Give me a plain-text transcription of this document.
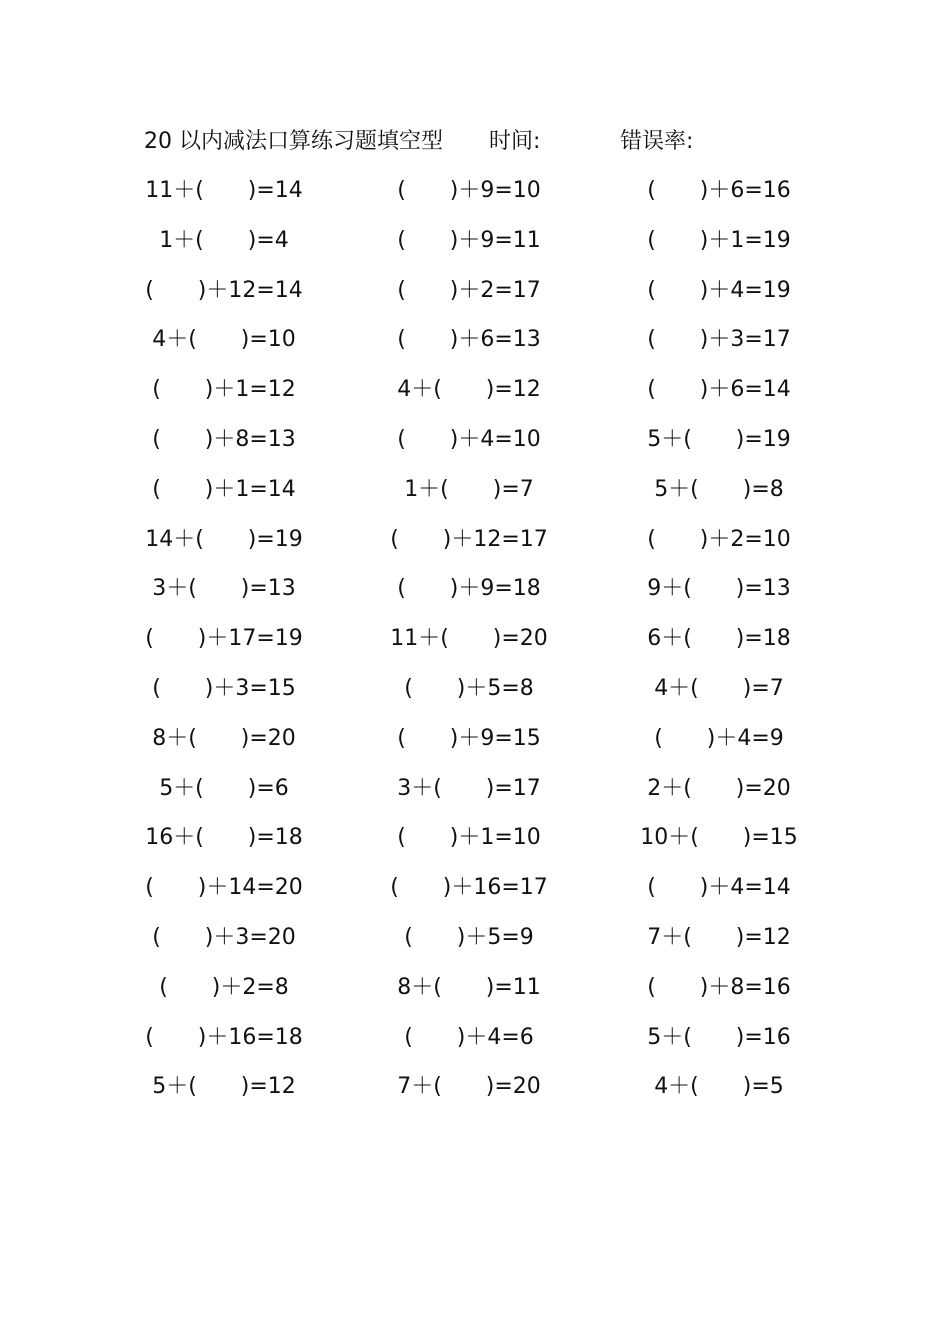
20 以内减法口算练习题填空型 时间:	错误率:
11＋(　　)=14	(　　)＋9=10	(　　)＋6=16
1＋(　　)=4	(　　)＋9=11	(　　)＋1=19
(　　)＋12=14	(　　)＋2=17	(　　)＋4=19
4＋(　　)=10	(　　)＋6=13	(　　)＋3=17
(　　)＋1=12	4＋(　　)=12	(　　)＋6=14
(　　)＋8=13	(　　)＋4=10	5＋(　　)=19
(　　)＋1=14	1＋(　　)=7	5＋(　　)=8
14＋(　　)=19	(　　)＋12=17	(　　)＋2=10
3＋(　　)=13	(　　)＋9=18	9＋(　　)=13
(　　)＋17=19	11＋(　　)=20	6＋(　　)=18
(　　)＋3=15	(　　)＋5=8	4＋(　　)=7
8＋(　　)=20	(　　)＋9=15	(　　)＋4=9
5＋(　　)=6	3＋(　　)=17	2＋(　　)=20
16＋(　　)=18	(　　)＋1=10	10＋(　　)=15
(　　)＋14=20	(　　)＋16=17	(　　)＋4=14
(　　)＋3=20	(　　)＋5=9	7＋(　　)=12
(　　)＋2=8	8＋(　　)=11	(　　)＋8=16
(　　)＋16=18	(　　)＋4=6	5＋(　　)=16
5＋(　　)=12	7＋(　　)=20	4＋(　　)=5
